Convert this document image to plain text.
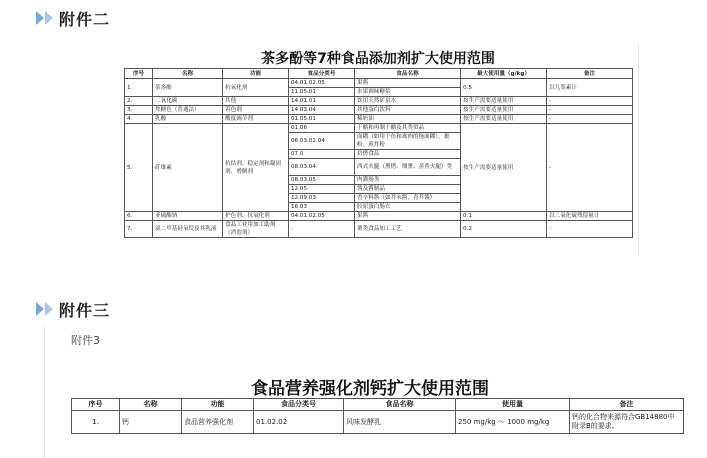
附件二
茶多酚等7种食品添加剂扩大使用范围
序号	名称	功能	食品分类号	食品名称	最大使用量（g/kg）	备注
1.	茶多酚	抗氧化剂	04.01.02.05	果酱	0.5	以儿茶素计
			11.05.01	水果调味糖浆		
2.	二氧化碳	其他	14.01.01	饮用天然矿泉水	按生产需要适量使用	-
3.	焦糖色（普通法）	着色剂	14.03.04	其他蛋白饮料	按生产需要适量使用	-
4.	乳酸	酸度调节剂	01.05.01	稀奶油	按生产需要适量使用	-
5.	纤维素	抗结剂、稳定剂和凝固剂、增稠剂	01.06	干酪和再制干酪及其类似品	按生产需要适量使用	-
			06.03.02.04	面糊（如用于鱼和禽肉的拖面糊）、裹粉、煎炸粉		
			07.0	焙烤食品		
			08.03.04	西式火腿（熏烤、烟熏、蒸煮火腿）类		
			08.03.05	肉灌肠类		
			12.05	酱及酱制品		
			12.09.03	香辛料酱（如芥末酱、青芥酱）		
			16.03	胶原蛋白肠衣		
6.	亚硫酸钠	护色剂、抗氧化剂	04.01.02.05	果酱	0.1	以二氧化硫残留量计
7.	氨二甲基硅氧烷及其乳液	食品工业用加工助剂（消泡剂）	-	薯类食品加工工艺	0.2	-
附件三
附件3
食品营养强化剂钙扩大使用范围
序号	名称	功能	食品分类号	食品名称	使用量	备注
1.	钙	食品营养强化剂	01.02.02	风味发酵乳	250 mg/kg ～ 1000 mg/kg	钙的化合物来源符合GB14880中附录B的要求。
